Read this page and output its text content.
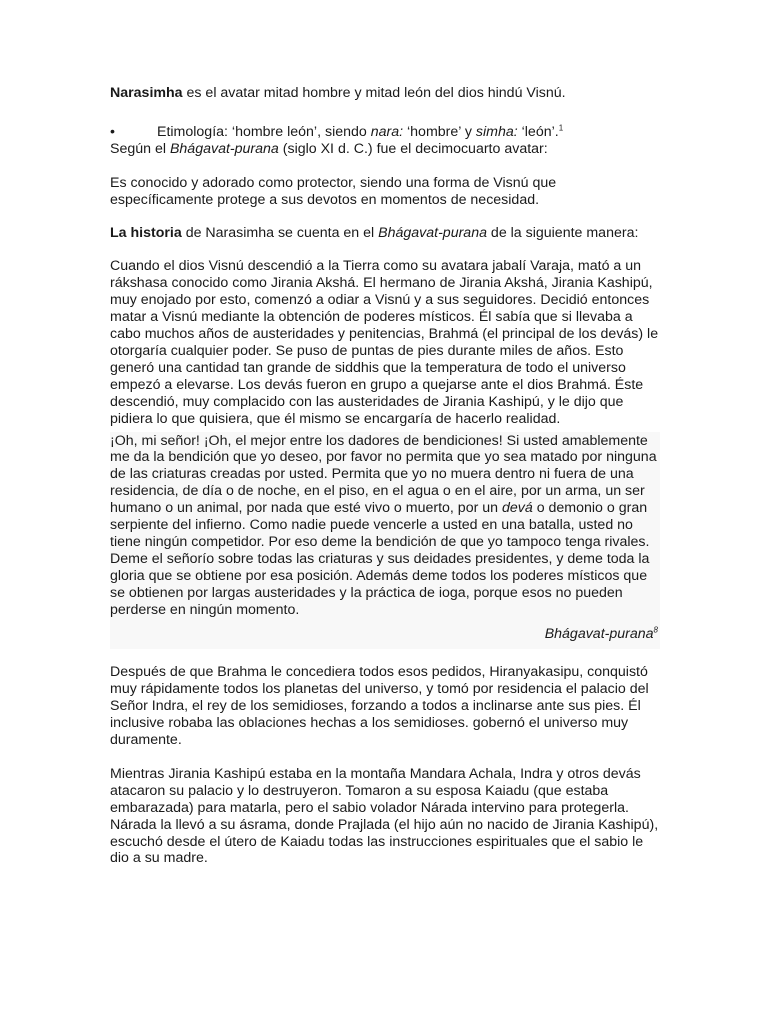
Narasimha es el avatar mitad hombre y mitad león del dios hindú Visnú.

•	Etimología: ‘hombre león’, siendo nara: ‘hombre’ y simha: ‘león’.$^1$

Según el Bhágavat-purana (siglo XI d. C.) fue el decimocuarto avatar:

Es conocido y adorado como protector, siendo una forma de Visnú que específicamente protege a sus devotos en momentos de necesidad.

La historia de Narasimha se cuenta en el Bhágavat-purana de la siguiente manera:

Cuando el dios Visnú descendió a la Tierra como su avatara jabalí Varaja, mató a un rákshasa conocido como Jirania Akshá. El hermano de Jirania Akshá, Jirania Kashipú, muy enojado por esto, comenzó a odiar a Visnú y a sus seguidores. Decidió entonces matar a Visnú mediante la obtención de poderes místicos. Él sabía que si llevaba a cabo muchos años de austeridades y penitencias, Brahmá (el principal de los devás) le otorgaría cualquier poder. Se puso de puntas de pies durante miles de años. Esto generó una cantidad tan grande de siddhis que la temperatura de todo el universo empezó a elevarse. Los devás fueron en grupo a quejarse ante el dios Brahmá. Éste descendió, muy complacido con las austeridades de Jirania Kashipú, y le dijo que pidiera lo que quisiera, que él mismo se encargaría de hacerlo realidad.

¡Oh, mi señor! ¡Oh, el mejor entre los dadores de bendiciones! Si usted amablemente me da la bendición que yo deseo, por favor no permita que yo sea matado por ninguna de las criaturas creadas por usted. Permita que yo no muera dentro ni fuera de una residencia, de día o de noche, en el piso, en el agua o en el aire, por un arma, un ser humano o un animal, por nada que esté vivo o muerto, por un devá o demonio o gran serpiente del infierno. Como nadie puede vencerle a usted en una batalla, usted no tiene ningún competidor. Por eso deme la bendición de que yo tampoco tenga rivales. Deme el señorío sobre todas las criaturas y sus deidades presidentes, y deme toda la gloria que se obtiene por esa posición. Además deme todos los poderes místicos que se obtienen por largas austeridades y la práctica de ioga, porque esos no pueden perderse en ningún momento.

Bhágavat-purana$^8$

Después de que Brahma le concediera todos esos pedidos, Hiranyakasipu, conquistó muy rápidamente todos los planetas del universo, y tomó por residencia el palacio del Señor Indra, el rey de los semidioses, forzando a todos a inclinarse ante sus pies. Él inclusive robaba las oblaciones hechas a los semidioses. gobernó el universo muy duramente.

Mientras Jirania Kashipú estaba en la montaña Mandara Achala, Indra y otros devás atacaron su palacio y lo destruyeron. Tomaron a su esposa Kaiadu (que estaba embarazada) para matarla, pero el sabio volador Nárada intervino para protegerla. Nárada la llevó a su ásrama, donde Prajlada (el hijo aún no nacido de Jirania Kashipú), escuchó desde el útero de Kaiadu todas las instrucciones espirituales que el sabio le dio a su madre.
